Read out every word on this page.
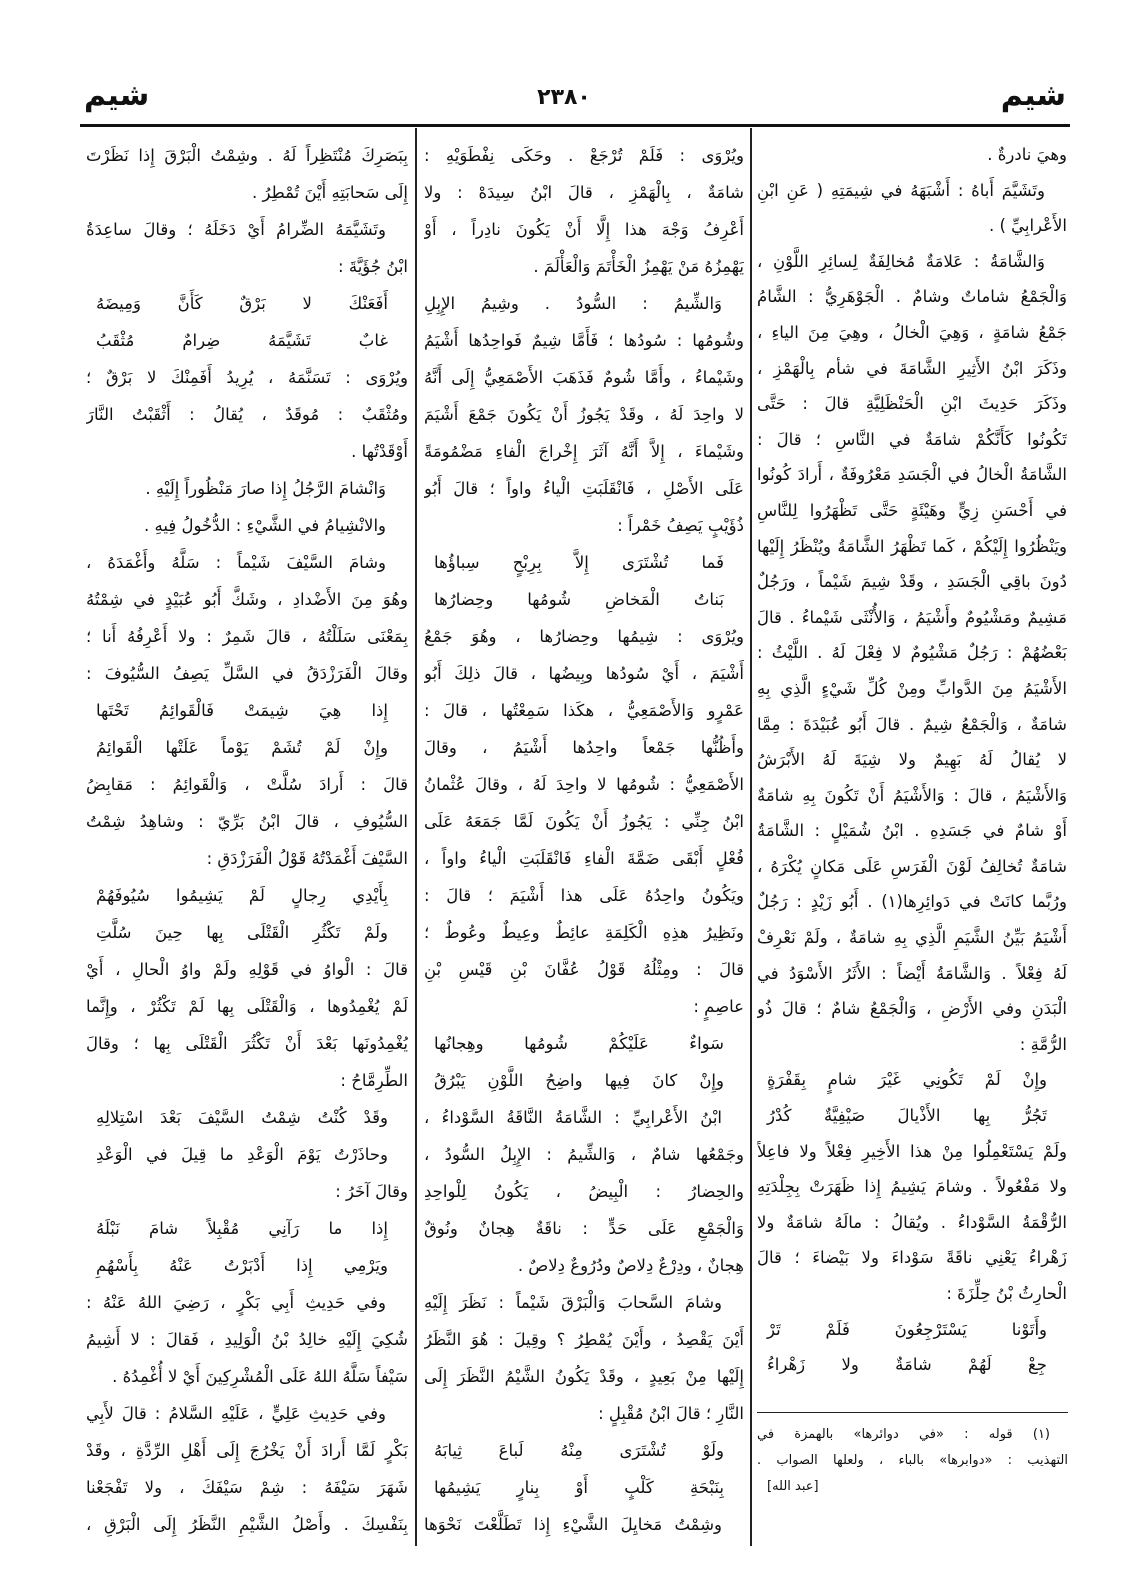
شيم
٢٣٨٠
شيم
وهيَ نادرةٌ .
وتَشَيَّمَ أَباهُ : أَشْبَهَهُ في شِيمَتِهِ ( عَنِ ابْنِ
الأَعْرابِيِّ ) .
وَالشَّامَةُ : عَلامَةٌ مُخالِفَةٌ لِسائِرِ اللَّوْنِ ،
وَالْجَمْعُ شاماتٌ وشامٌ . الْجَوْهَرِيُّ : الشَّامُ
جَمْعُ شامَةٍ ، وَهِيَ الْخالُ ، وهِيَ مِنَ الياءِ ،
وذَكَرَ ابْنُ الأَثِيرِ الشَّامَةَ في شأم بِالْهَمْزِ ،
وذَكَرَ حَدِيثَ ابْنِ الْحَنْظَلِيَّةِ قالَ : حَتَّى
تَكُونُوا كَأَنَّكُمْ شامَةٌ في النَّاسِ ؛ قالَ :
الشَّامَةُ الْخالُ في الْجَسَدِ مَعْرُوفَةٌ ، أَرادَ كُونُوا
في أَحْسَنِ زِيٍّ وهَيْئَةٍ حَتَّى تَظْهَرُوا لِلنَّاسِ
ويَنْظُرُوا إِلَيْكُمْ ، كَما تَظْهَرُ الشَّامَةُ ويُنْظَرُ إِلَيْها
دُونَ باقِي الْجَسَدِ ، وقَدْ شِيمَ شَيْماً ، ورَجُلٌ
مَشِيمٌ ومَشْيُومٌ وأَشْيَمُ ، وَالأُنْثَى شَيْماءُ . قالَ
بَعْضُهُمْ : رَجُلٌ مَشْيُومٌ لا فِعْلَ لَهُ . اللَّيْثُ :
الأَشْيَمُ مِنَ الدَّوابِّ ومِنْ كُلِّ شَيْءٍ الَّذِي بِهِ
شامَةٌ ، وَالْجَمْعُ شِيمٌ . قالَ أَبُو عُبَيْدَةَ : مِمَّا
لا يُقالُ لَهُ بَهِيمٌ ولا شِيَةَ لَهُ الأَبْرَشُ
وَالأَشْيَمُ ، قالَ : وَالأَشْيَمُ أَنْ تَكُونَ بِهِ شامَةٌ
أَوْ شامٌ في جَسَدِهِ . ابْنُ شُمَيْلٍ : الشَّامَةُ
شامَةٌ تُخالِفُ لَوْنَ الْفَرَسِ عَلَى مَكانٍ يُكْرَهُ ،
ورُبَّما كانَتْ في دَوائِرِها(١) . أَبُو زَيْدٍ : رَجُلٌ
أَشْيَمُ بَيِّنُ الشَّيَمِ الَّذِي بِهِ شامَةٌ ، ولَمْ نَعْرِفْ
لَهُ فِعْلاً . وَالشَّامَةُ أَيْضاً : الأَثَرُ الأَسْوَدُ في
الْبَدَنِ وفي الأَرْضِ ، وَالْجَمْعُ شامٌ ؛ قالَ ذُو
الرُّمَّةِ :
وإِنْ لَمْ تَكُونِي غَيْرَ شامٍ بِقَفْرَةٍ
تَجُرُّ بِها الأَذْيالَ صَيْفِيَّةٌ كُدْرُ
ولَمْ يَسْتَعْمِلُوا مِنْ هذا الأَخِيرِ فِعْلاً ولا فاعِلاً
ولا مَفْعُولاً . وشامَ يَشِيمُ إِذا ظَهَرَتْ بِجِلْدَتِهِ
الرُّقْمَةُ السَّوْداءُ . ويُقالُ : مالَهُ شامَةٌ ولا
زَهْراءُ يَعْنِي ناقَةً سَوْداءَ ولا بَيْضاءَ ؛ قالَ
الْحارِثُ بْنُ حِلِّزَةَ :
وأَتَوْنا يَسْتَرْجِعُونَ فَلَمْ تَرْ
جِعْ لَهُمْ شامَةٌ ولا زَهْراءُ
ويُرْوَى : فَلَمْ تُرْجَعْ . وحَكَى نِفْطَوَيْهِ :
شامَةٌ ، بِالْهَمْزِ ، قالَ ابْنُ سِيدَهْ : ولا
أَعْرِفُ وَجْهَ هذا إِلَّا أَنْ يَكُونَ نادِراً ، أَوْ
يَهْمِزُهُ مَنْ يَهْمِزُ الْخَأْتَمَ وَالْعَأْلَمَ .
وَالشِّيمُ : السُّودُ . وشِيمُ الإِبِلِ
وشُومُها : سُودُها ؛ فَأَمَّا شِيمٌ فَواحِدُها أَشْيَمُ
وشَيْماءُ ، وأَمَّا شُومٌ فَذَهَبَ الأَصْمَعِيُّ إِلَى أَنَّهُ
لا واحِدَ لَهُ ، وقَدْ يَجُوزُ أَنْ يَكُونَ جَمْعَ أَشْيَمَ
وشَيْماءَ ، إِلاَّ أَنَّهُ آثَرَ إِخْراجَ الْفاءِ مَضْمُومَةً
عَلَى الأَصْلِ ، فَانْقَلَبَتِ الْياءُ واواً ؛ قالَ أَبُو
ذُؤَيْبٍ يَصِفُ خَمْراً :
فَما تُشْتَرَى إِلاَّ بِرِبْحٍ سِباؤُها
بَناتُ الْمَخاضِ شُومُها وحِضارُها
ويُرْوَى : شِيمُها وحِضارُها ، وهُوَ جَمْعُ
أَشْيَمَ ، أَيْ سُودُها وبِيضُها ، قالَ ذلِكَ أَبُو
عَمْرٍو وَالأَصْمَعِيُّ ، هكَذا سَمِعْتُها ، قالَ :
وأَظُنُّها جَمْعاً واحِدُها أَشْيَمُ ، وقالَ
الأَصْمَعِيُّ : شُومُها لا واحِدَ لَهُ ، وقالَ عُثْمانُ
ابْنُ جِنِّي : يَجُوزُ أَنْ يَكُونَ لَمَّا جَمَعَهُ عَلَى
فُعْلٍ أَبْقَى ضَمَّةَ الْفاءِ فَانْقَلَبَتِ الْياءُ واواً ،
ويَكُونُ واحِدُهُ عَلَى هذا أَشْيَمَ ؛ قالَ :
ونَظِيرُ هذِهِ الْكَلِمَةِ عائِطٌ وعِيطٌ وعُوطٌ ؛
قالَ : ومِثْلُهُ قَوْلُ عُفَّانَ بْنِ قَيْسِ بْنِ
عاصِمٍ :
سَواءٌ عَلَيْكُمْ شُومُها وهِجانُها
وإِنْ كانَ فِيها واضِحُ اللَّوْنِ يَبْرُقُ
ابْنُ الأَعْرابِيِّ : الشَّامَةُ النَّاقَةُ السَّوْداءُ ،
وجَمْعُها شامٌ ، وَالشِّيمُ : الإِبِلُ السُّودُ ،
والحِضارُ : الْبِيضُ ، يَكُونُ لِلْواحِدِ
وَالْجَمْعِ عَلَى حَدٍّ : ناقَةٌ هِجانٌ ونُوقٌ
هِجانٌ ، ودِرْعٌ دِلاصٌ ودُرُوعٌ دِلاصٌ .
وشامَ السَّحابَ وَالْبَرْقَ شَيْماً : نَظَرَ إِلَيْهِ
أَيْنَ يَقْصِدُ ، وأَيْنَ يُمْطِرُ ؟ وقِيلَ : هُوَ النَّظَرُ
إِلَيْها مِنْ بَعِيدٍ ، وقَدْ يَكُونُ الشَّيْمُ النَّظَرَ إِلَى
النَّارِ ؛ قالَ ابْنُ مُقْبِلٍ :
ولَوْ تُشْتَرَى مِنْهُ لَباعَ ثِيابَهُ
بِنَبْحَةِ كَلْبٍ أَوْ بِنارٍ يَشِيمُها
وشِمْتُ مَخايِلَ الشَّيْءِ إِذا تَطَلَّعْتَ نَحْوَها
بِبَصَرِكَ مُنْتَظِراً لَهُ . وشِمْتُ الْبَرْقَ إِذا نَظَرْتَ
إِلَى سَحابَتِهِ أَيْنَ تُمْطِرُ .
وتَشَيَّمَهُ الضِّرامُ أَيْ دَخَلَهُ ؛ وقالَ ساعِدَةُ
ابْنُ جُؤَيَّةَ :
أَفَعَنْكَ لا بَرْقٌ كَأَنَّ وَمِيضَهُ
غابٌ تَشَيَّمَهُ ضِرامٌ مُثْقَبُ
ويُرْوَى : تَسَنَّمَهُ ، يُرِيدُ أَفَمِنْكَ لا بَرْقٌ ؛
ومُثْقَبٌ : مُوقَدٌ ، يُقالُ : أَثْقَبْتُ النَّارَ
أَوْقَدْتُها .
وَانْشامَ الرَّجُلُ إِذا صارَ مَنْظُوراً إِلَيْهِ .
والانْشِيامُ في الشَّيْءِ : الدُّخُولُ فِيهِ .
وشامَ السَّيْفَ شَيْماً : سَلَّهُ وأَغْمَدَهُ ،
وهُوَ مِنَ الأَضْدادِ ، وشَكَّ أَبُو عُبَيْدٍ في شِمْتُهُ
بِمَعْنَى سَلَلْتُهُ ، قالَ شَمِرٌ : ولا أَعْرِفُهُ أَنا ؛
وقالَ الْفَرَزْدَقُ في السَّلِّ يَصِفُ السُّيُوفَ :
إِذا هِيَ شِيمَتْ فَالْقَوائِمُ تَحْتَها
وإِنْ لَمْ تُشَمْ يَوْماً عَلَتْها الْقَوائِمُ
قالَ : أَرادَ سُلَّتْ ، وَالْقَوائِمُ : مَقابِضُ
السُّيُوفِ ، قالَ ابْنُ بَرِّيّ : وشاهِدُ شِمْتُ
السَّيْفَ أَغْمَدْتُهُ قَوْلُ الْفَرَزْدَقِ :
بِأَيْدِي رِجالٍ لَمْ يَشِيمُوا سُيُوفَهُمْ
ولَمْ تَكْثُرِ الْقَتْلَى بِها حِينَ سُلَّتِ
قالَ : الْواوُ في قَوْلِهِ ولَمْ واوُ الْحالِ ، أَيْ
لَمْ يُغْمِدُوها ، وَالْقَتْلَى بِها لَمْ تَكْثُرْ ، وإِنَّما
يُغْمِدُونَها بَعْدَ أَنْ تَكْثُرَ الْقَتْلَى بِها ؛ وقالَ
الطِّرِمَّاحُ :
وقَدْ كُنْتُ شِمْتُ السَّيْفَ بَعْدَ اسْتِلالِهِ
وحاذَرْتُ يَوْمَ الْوَعْدِ ما قِيلَ في الْوَعْدِ
وقالَ آخَرُ :
إِذا ما رَآنِي مُقْبِلاً شامَ نَبْلَهُ
ويَرْمِي إِذا أَدْبَرْتُ عَنْهُ بِأَسْهُمِ
وفي حَدِيثِ أَبِي بَكْرٍ ، رَضِيَ اللهُ عَنْهُ :
شُكِيَ إِلَيْهِ خالِدُ بْنُ الْوَلِيدِ ، فَقالَ : لا أَشِيمُ
سَيْفاً سَلَّهُ اللهُ عَلَى الْمُشْرِكِينَ أَيْ لا أُغْمِدُهُ .
وفي حَدِيثِ عَلِيٍّ ، عَلَيْهِ السَّلامُ : قالَ لأَبِي
بَكْرٍ لَمَّا أَرادَ أَنْ يَخْرُجَ إِلَى أَهْلِ الرِّدَّةِ ، وقَدْ
شَهَرَ سَيْفَهُ : شِمْ سَيْفَكَ ، ولا تَفْجَعْنا
بِنَفْسِكَ . وأَصْلُ الشَّيْمِ النَّظَرُ إِلَى الْبَرْقِ ،
(١) قوله : «في دوائرها» بالهمزة في
التهذيب : «دوابرها» بالباء ، ولعلها الصواب .
[عبد الله]
